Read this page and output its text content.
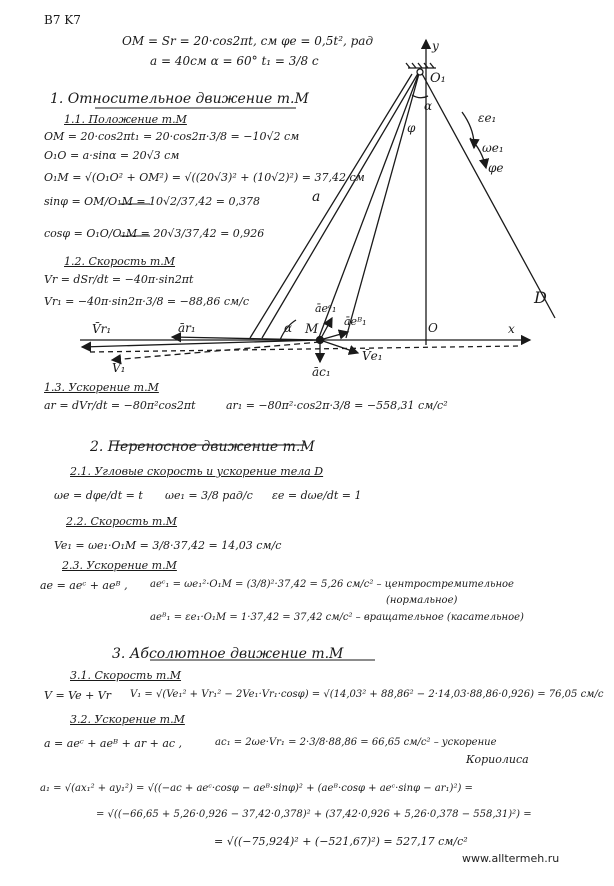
O₁
y
x
O
M
D
a
α
α
φ
εe₁
ωe₁
φe
V̄r₁	ār₁
āeᶜ₁
āeᴮ₁
V̄e₁
V̄₁	āc₁
B7 K7
OM = Sr = 20·cos2πt, см φe = 0,5t², рад
a = 40см α = 60° t₁ = 3/8 с
1. Относительное движение т.М
1.1. Положение т.М
OM = 20·cos2πt₁ = 20·cos2π·3/8 = −10√2 см
O₁O = a·sinα = 20√3 см
O₁M = √(O₁O² + OM²) = √((20√3)² + (10√2)²) = 37,42 см
sinφ = OM/O₁M = 10√2/37,42 = 0,378
cosφ = O₁O/O₁M = 20√3/37,42 = 0,926
1.2. Скорость т.М
Vr = dSr/dt = −40π·sin2πt
Vr₁ = −40π·sin2π·3/8 = −88,86 см/с
1.3. Ускорение т.М
ar = dVr/dt = −80π²cos2πt	ar₁ = −80π²·cos2π·3/8 = −558,31 см/с²
2. Переносное движение т.М
2.1. Угловые скорость и ускорение тела D
ωe = dφe/dt = t ωe₁ = 3/8 рад/с εe = dωe/dt = 1
2.2. Скорость т.М
Ve₁ = ωe₁·O₁M = 3/8·37,42 = 14,03 см/с
2.3. Ускорение т.М
ae = aeᶜ + aeᴮ , aeᶜ₁ = ωe₁²·O₁M = (3/8)²·37,42 = 5,26 см/с² – центростремительное
(нормальное)
aeᴮ₁ = εe₁·O₁M = 1·37,42 = 37,42 см/с² – вращательное (касательное)
3. Абсолютное движение т.М
3.1. Скорость т.М
V = Ve + Vr V₁ = √(Ve₁² + Vr₁² − 2Ve₁·Vr₁·cosφ) = √(14,03² + 88,86² − 2·14,03·88,86·0,926) = 76,05 см/с
3.2. Ускорение т.М
a = aeᶜ + aeᴮ + ar + ac ,	ac₁ = 2ωe·Vr₁ = 2·3/8·88,86 = 66,65 см/с² – ускорение
Кориолиса
a₁ = √(ax₁² + ay₁²) = √((−ac + aeᶜ·cosφ − aeᴮ·sinφ)² + (aeᴮ·cosφ + aeᶜ·sinφ − ar₁)²) =
= √((−66,65 + 5,26·0,926 − 37,42·0,378)² + (37,42·0,926 + 5,26·0,378 − 558,31)²) =
= √((−75,924)² + (−521,67)²) = 527,17 см/с²
www.alltermeh.ru
